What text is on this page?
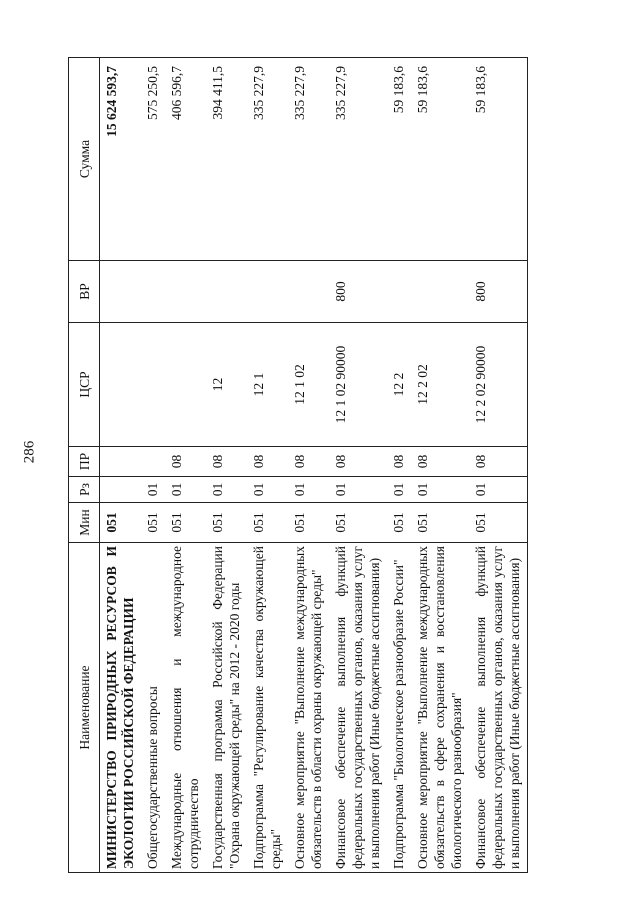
286
Наименование	Мин	Рз	ПР	ЦСР	ВР	Сумма
МИНИСТЕРСТВО ПРИРОДНЫХ РЕСУРСОВ И ЭКОЛОГИИ РОССИЙСКОЙ ФЕДЕРАЦИИ	051					15 624 593,7
Общегосударственные вопросы	051	01				575 250,5
Международные отношения и международное сотрудничество	051	01	08			406 596,7
Государственная программа Российской Федерации "Охрана окружающей среды" на 2012 - 2020 годы	051	01	08	12		394 411,5
Подпрограмма "Регулирование качества окружающей среды"	051	01	08	12 1		335 227,9
Основное мероприятие "Выполнение международных обязательств в области охраны окружающей среды"	051	01	08	12 1 02		335 227,9
Финансовое обеспечение выполнения функций федеральных государственных органов, оказания услуг и выполнения работ (Иные бюджетные ассигнования)	051	01	08	12 1 02 90000	800	335 227,9
Подпрограмма "Биологическое разнообразие России"	051	01	08	12 2		59 183,6
Основное мероприятие "Выполнение международных обязательств в сфере сохранения и восстановления биологического разнообразия"	051	01	08	12 2 02		59 183,6
Финансовое обеспечение выполнения функций федеральных государственных органов, оказания услуг и выполнения работ (Иные бюджетные ассигнования)	051	01	08	12 2 02 90000	800	59 183,6
